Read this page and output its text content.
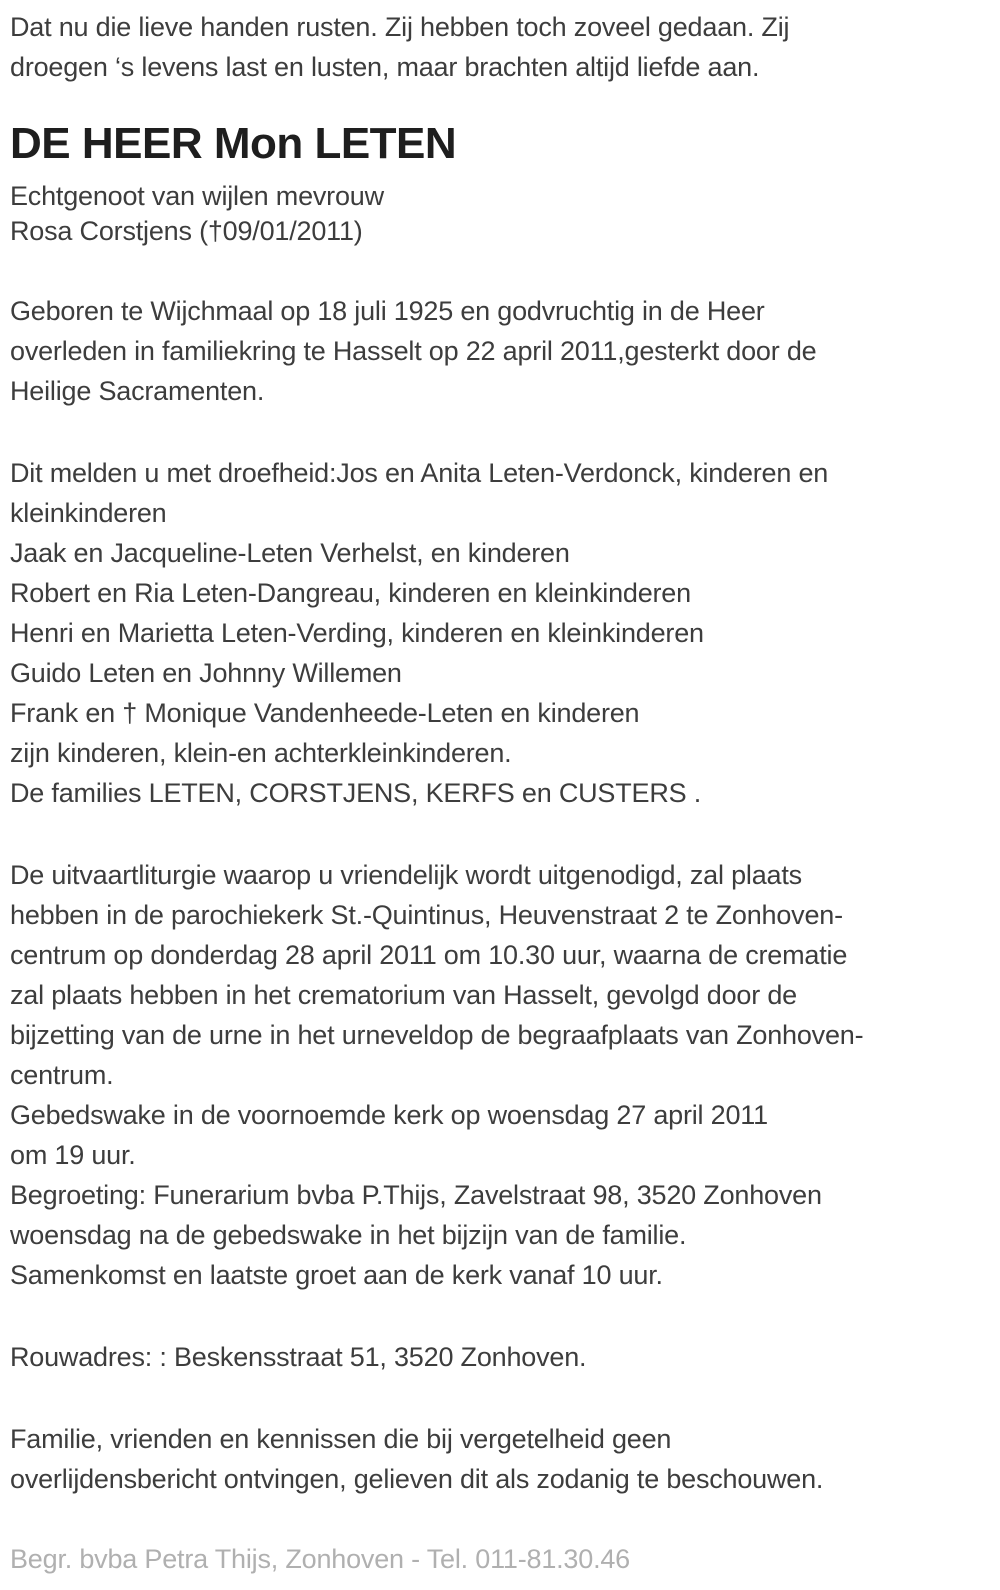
Dat nu die lieve handen rusten. Zij hebben toch zoveel gedaan. Zij
droegen ‘s levens last en lusten, maar brachten altijd liefde aan.
DE HEER Mon LETEN
Echtgenoot van wijlen mevrouw
Rosa Corstjens (†09/01/2011)
Geboren te Wijchmaal op 18 juli 1925 en godvruchtig in de Heer
overleden in familiekring te Hasselt op 22 april 2011,gesterkt door de
Heilige Sacramenten.
Dit melden u met droefheid:Jos en Anita Leten-Verdonck, kinderen en
kleinkinderen
Jaak en Jacqueline-Leten Verhelst, en kinderen
Robert en Ria Leten-Dangreau, kinderen en kleinkinderen
Henri en Marietta Leten-Verding, kinderen en kleinkinderen
Guido Leten en Johnny Willemen
Frank en † Monique Vandenheede-Leten en kinderen
zijn kinderen, klein-en achterkleinkinderen.
De families LETEN, CORSTJENS, KERFS en CUSTERS .
De uitvaartliturgie waarop u vriendelijk wordt uitgenodigd, zal plaats
hebben in de parochiekerk St.-Quintinus, Heuvenstraat 2 te Zonhoven-
centrum op donderdag 28 april 2011 om 10.30 uur, waarna de crematie
zal plaats hebben in het crematorium van Hasselt, gevolgd door de
bijzetting van de urne in het urneveldop de begraafplaats van Zonhoven-
centrum.
Gebedswake in de voornoemde kerk op woensdag 27 april 2011
om 19 uur.
Begroeting: Funerarium bvba P.Thijs, Zavelstraat 98, 3520 Zonhoven
woensdag na de gebedswake in het bijzijn van de familie.
Samenkomst en laatste groet aan de kerk vanaf 10 uur.
Rouwadres: : Beskensstraat 51, 3520 Zonhoven.
Familie, vrienden en kennissen die bij vergetelheid geen
overlijdensbericht ontvingen, gelieven dit als zodanig te beschouwen.
Begr. bvba Petra Thijs, Zonhoven - Tel. 011-81.30.46
